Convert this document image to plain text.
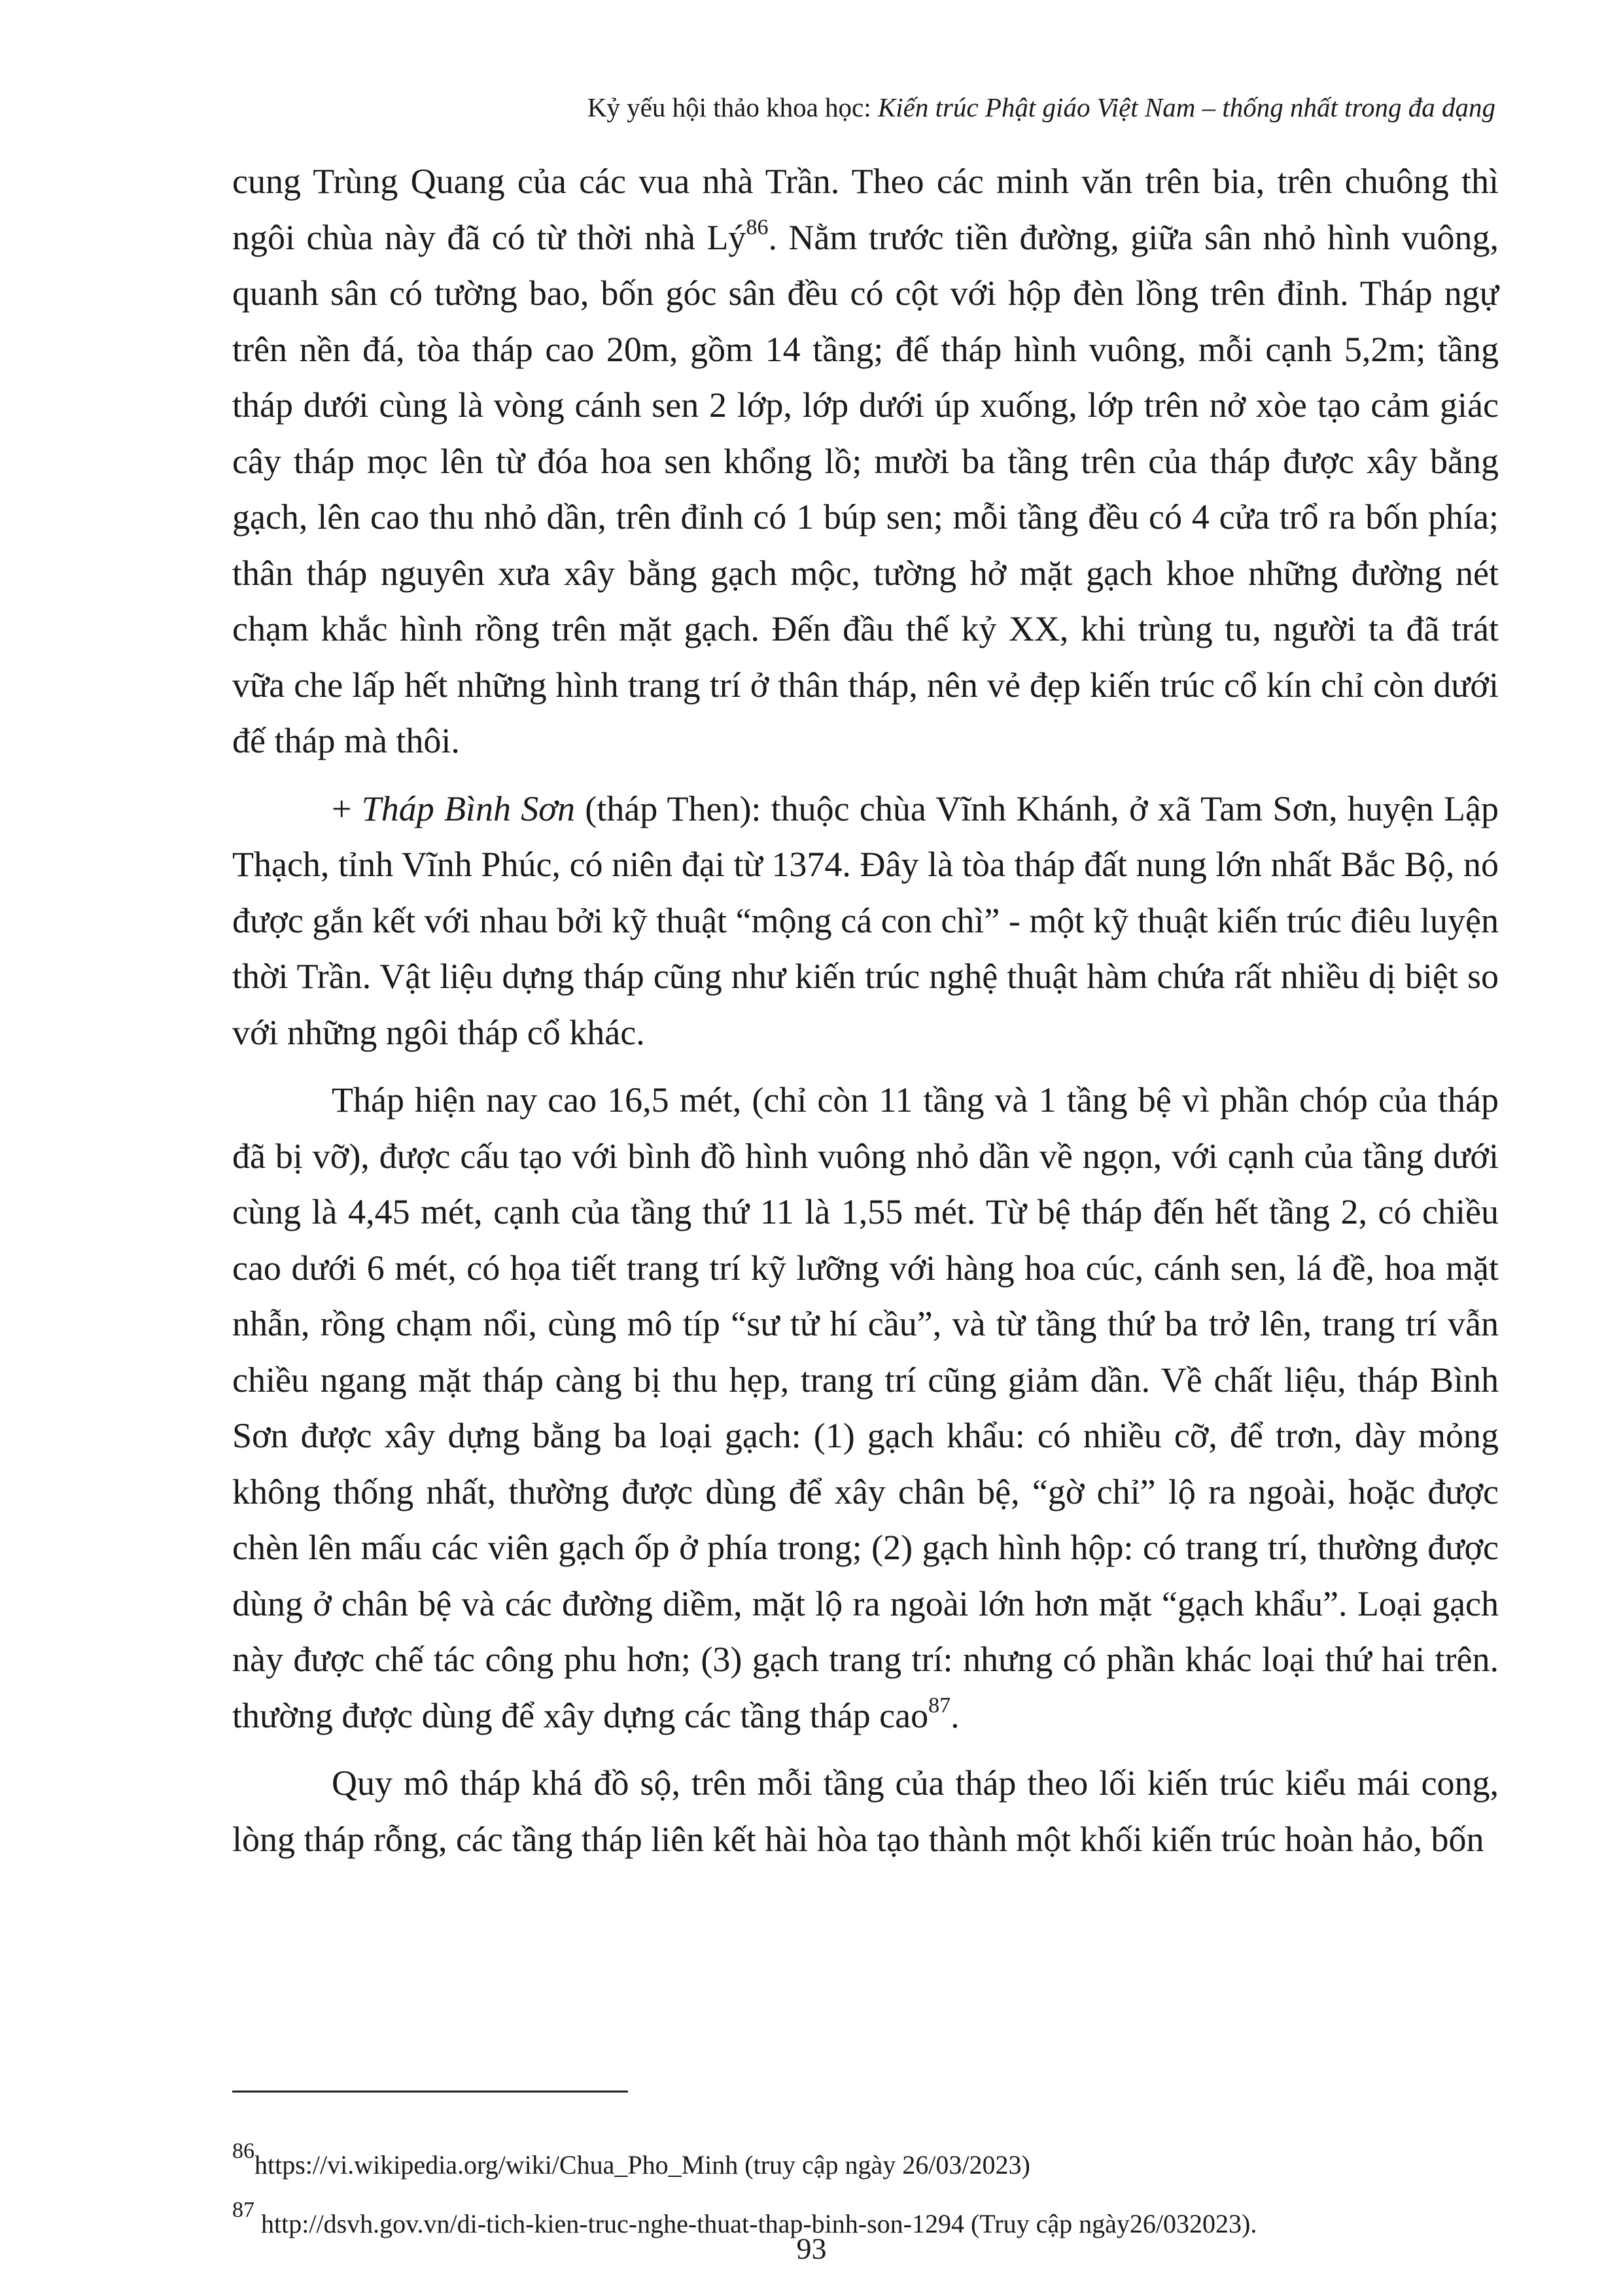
Kỷ yếu hội thảo khoa học: Kiến trúc Phật giáo Việt Nam – thống nhất trong đa dạng

cung Trùng Quang của các vua nhà Trần. Theo các minh văn trên bia, trên chuông thì ngôi chùa này đã có từ thời nhà $Lý^{86}$. Nằm trước tiền đường, giữa sân nhỏ hình vuông, quanh sân có tường bao, bốn góc sân đều có cột với hộp đèn lồng trên đỉnh. Tháp ngự trên nền đá, tòa tháp cao 20m, gồm 14 tầng; đế tháp hình vuông, mỗi cạnh 5,2m; tầng tháp dưới cùng là vòng cánh sen 2 lớp, lớp dưới úp xuống, lớp trên nở xòe tạo cảm giác cây tháp mọc lên từ đóa hoa sen khổng lồ; mười ba tầng trên của tháp được xây bằng gạch, lên cao thu nhỏ dần, trên đỉnh có 1 búp sen; mỗi tầng đều có 4 cửa trổ ra bốn phía; thân tháp nguyên xưa xây bằng gạch mộc, tường hở mặt gạch khoe những đường nét chạm khắc hình rồng trên mặt gạch. Đến đầu thế kỷ XX, khi trùng tu, người ta đã trát vữa che lấp hết những hình trang trí ở thân tháp, nên vẻ đẹp kiến trúc cổ kín chỉ còn dưới đế tháp mà thôi.

+ Tháp Bình Sơn (tháp Then): thuộc chùa Vĩnh Khánh, ở xã Tam Sơn, huyện Lập Thạch, tỉnh Vĩnh Phúc, có niên đại từ 1374. Đây là tòa tháp đất nung lớn nhất Bắc Bộ, nó được gắn kết với nhau bởi kỹ thuật “mộng cá con chì” - một kỹ thuật kiến trúc điêu luyện thời Trần. Vật liệu dựng tháp cũng như kiến trúc nghệ thuật hàm chứa rất nhiều dị biệt so với những ngôi tháp cổ khác.

Tháp hiện nay cao 16,5 mét, (chỉ còn 11 tầng và 1 tầng bệ vì phần chóp của tháp đã bị vỡ), được cấu tạo với bình đồ hình vuông nhỏ dần về ngọn, với cạnh của tầng dưới cùng là 4,45 mét, cạnh của tầng thứ 11 là 1,55 mét. Từ bệ tháp đến hết tầng 2, có chiều cao dưới 6 mét, có họa tiết trang trí kỹ lưỡng với hàng hoa cúc, cánh sen, lá đề, hoa mặt nhẫn, rồng chạm nổi, cùng mô típ “sư tử hí cầu”, và từ tầng thứ ba trở lên, trang trí vẫn chiều ngang mặt tháp càng bị thu hẹp, trang trí cũng giảm dần. Về chất liệu, tháp Bình Sơn được xây dựng bằng ba loại gạch: (1) gạch khẩu: có nhiều cỡ, để trơn, dày mỏng không thống nhất, thường được dùng để xây chân bệ, “gờ chỉ” lộ ra ngoài, hoặc được chèn lên mấu các viên gạch ốp ở phía trong; (2) gạch hình hộp: có trang trí, thường được dùng ở chân bệ và các đường diềm, mặt lộ ra ngoài lớn hơn mặt “gạch khẩu”. Loại gạch này được chế tác công phu hơn; (3) gạch trang trí: nhưng có phần khác loại thứ hai trên. thường được dùng để xây dựng các tầng tháp cao$^{87}$.

Quy mô tháp khá đồ sộ, trên mỗi tầng của tháp theo lối kiến trúc kiểu mái cong, lòng tháp rỗng, các tầng tháp liên kết hài hòa tạo thành một khối kiến trúc hoàn hảo, bốn

$^{86}$https://vi.wikipedia.org/wiki/Chua_Pho_Minh (truy cập ngày 26/03/2023)
$^{87}$ http://dsvh.gov.vn/di-tich-kien-truc-nghe-thuat-thap-binh-son-1294 (Truy cập ngày26/032023).
93
